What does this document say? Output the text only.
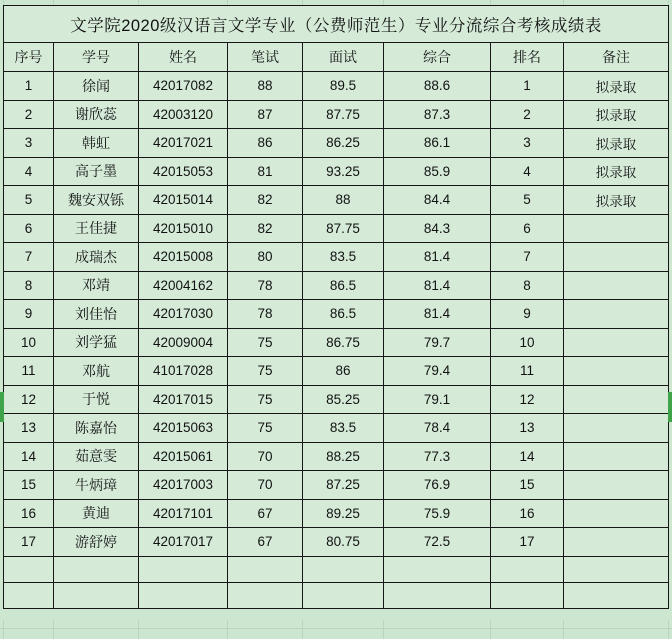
文学院2020级汉语言文学专业（公费师范生）专业分流综合考核成绩表							
序号	学号	姓名	笔试	面试	综合	排名	备注
1	徐闻	42017082	88	89.5	88.6	1	拟录取
2	谢欣蕊	42003120	87	87.75	87.3	2	拟录取
3	韩虹	42017021	86	86.25	86.1	3	拟录取
4	高子墨	42015053	81	93.25	85.9	4	拟录取
5	魏安双铄	42015014	82	88	84.4	5	拟录取
6	王佳捷	42015010	82	87.75	84.3	6	
7	成瑞杰	42015008	80	83.5	81.4	7	
8	邓靖	42004162	78	86.5	81.4	8	
9	刘佳怡	42017030	78	86.5	81.4	9	
10	刘学猛	42009004	75	86.75	79.7	10	
11	邓航	41017028	75	86	79.4	11	
12	于悦	42017015	75	85.25	79.1	12	
13	陈嘉怡	42015063	75	83.5	78.4	13	
14	茹意雯	42015061	70	88.25	77.3	14	
15	牛炳璋	42017003	70	87.25	76.9	15	
16	黄迪	42017101	67	89.25	75.9	16	
17	游舒婷	42017017	67	80.75	72.5	17	
